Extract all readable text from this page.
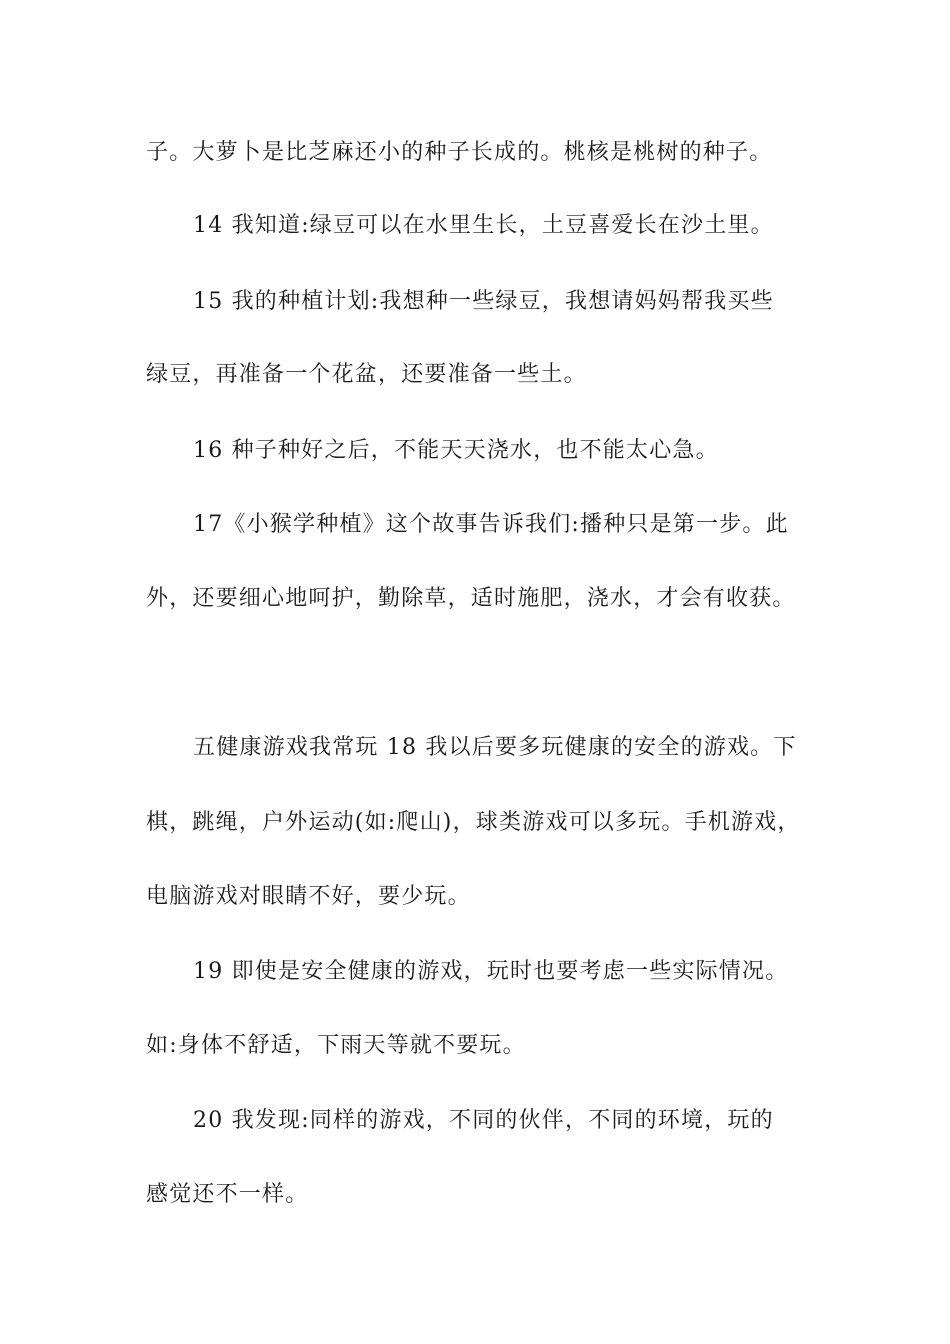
子。大萝卜是比芝麻还小的种子长成的。桃核是桃树的种子。
14 我知道:绿豆可以在水里生长，土豆喜爱长在沙土里。
15 我的种植计划:我想种一些绿豆，我想请妈妈帮我买些
绿豆，再准备一个花盆，还要准备一些土。
16 种子种好之后，不能天天浇水，也不能太心急。
17《小猴学种植》这个故事告诉我们:播种只是第一步。此
外，还要细心地呵护，勤除草，适时施肥，浇水，才会有收获。
五健康游戏我常玩 18 我以后要多玩健康的安全的游戏。下
棋，跳绳，户外运动(如:爬山)，球类游戏可以多玩。手机游戏，
电脑游戏对眼睛不好，要少玩。
19 即使是安全健康的游戏，玩时也要考虑一些实际情况。
如:身体不舒适，下雨天等就不要玩。
20 我发现:同样的游戏，不同的伙伴，不同的环境，玩的
感觉还不一样。
